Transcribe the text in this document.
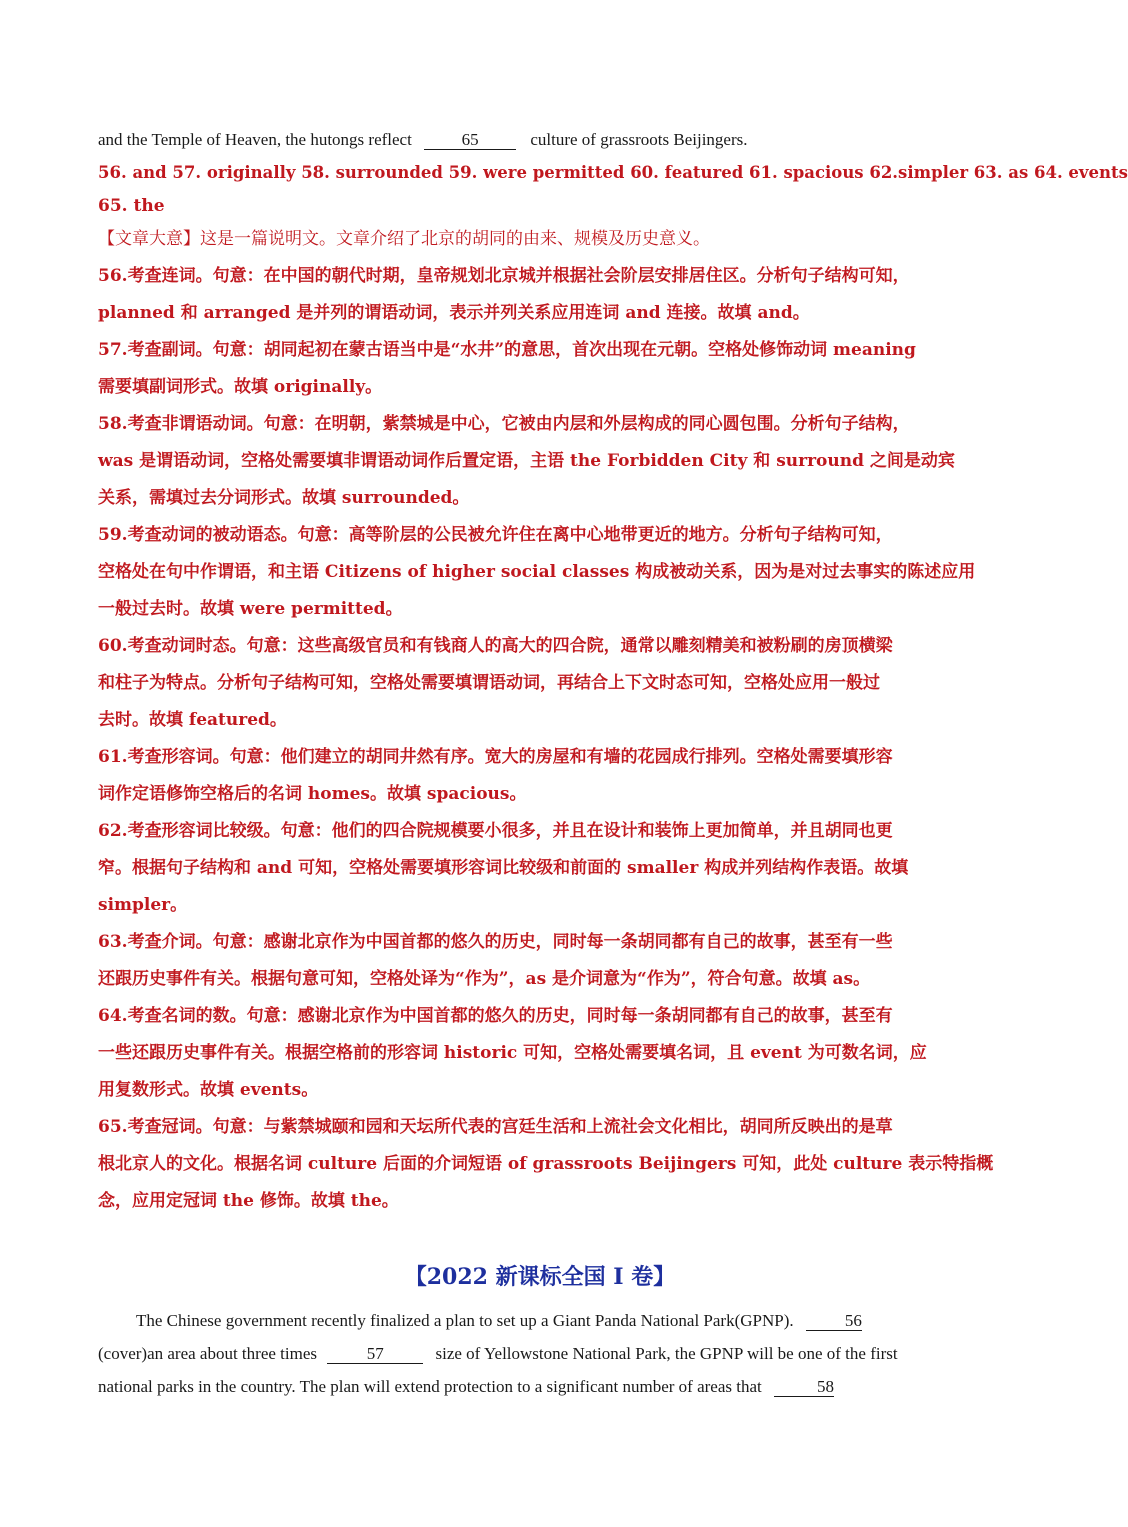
and the Temple of Heaven, the hutongs reflect	65	culture of grassroots Beijingers.

56. and 57. originally 58. surrounded 59. were permitted 60. featured 61. spacious 62.simpler 63. as 64. events

65. the

【文章大意】这是一篇说明文。文章介绍了北京的胡同的由来、规模及历史意义。

56.考查连词。句意：在中国的朝代时期，皇帝规划北京城并根据社会阶层安排居住区。分析句子结构可知，

planned 和 arranged 是并列的谓语动词，表示并列关系应用连词 and 连接。故填 and。

57.考查副词。句意：胡同起初在蒙古语当中是“水井”的意思，首次出现在元朝。空格处修饰动词 meaning

需要填副词形式。故填 originally。

58.考查非谓语动词。句意：在明朝，紫禁城是中心，它被由内层和外层构成的同心圆包围。分析句子结构，

was 是谓语动词，空格处需要填非谓语动词作后置定语，主语 the Forbidden City 和 surround 之间是动宾

关系，需填过去分词形式。故填 surrounded。

59.考查动词的被动语态。句意：高等阶层的公民被允许住在离中心地带更近的地方。分析句子结构可知，

空格处在句中作谓语，和主语 Citizens of higher social classes 构成被动关系，因为是对过去事实的陈述应用

一般过去时。故填 were permitted。

60.考查动词时态。句意：这些高级官员和有钱商人的高大的四合院，通常以雕刻精美和被粉刷的房顶横梁

和柱子为特点。分析句子结构可知，空格处需要填谓语动词，再结合上下文时态可知，空格处应用一般过

去时。故填 featured。

61.考查形容词。句意：他们建立的胡同井然有序。宽大的房屋和有墙的花园成行排列。空格处需要填形容

词作定语修饰空格后的名词 homes。故填 spacious。

62.考查形容词比较级。句意：他们的四合院规模要小很多，并且在设计和装饰上更加简单，并且胡同也更

窄。根据句子结构和 and 可知，空格处需要填形容词比较级和前面的 smaller 构成并列结构作表语。故填

simpler。

63.考查介词。句意：感谢北京作为中国首都的悠久的历史，同时每一条胡同都有自己的故事，甚至有一些

还跟历史事件有关。根据句意可知，空格处译为“作为”，as 是介词意为“作为”，符合句意。故填 as。

64.考查名词的数。句意：感谢北京作为中国首都的悠久的历史，同时每一条胡同都有自己的故事，甚至有

一些还跟历史事件有关。根据空格前的形容词 historic 可知，空格处需要填名词，且 event 为可数名词，应

用复数形式。故填 events。

65.考查冠词。句意：与紫禁城颐和园和天坛所代表的宫廷生活和上流社会文化相比，胡同所反映出的是草

根北京人的文化。根据名词 culture 后面的介词短语 of grassroots Beijingers 可知，此处 culture 表示特指概

念，应用定冠词 the 修饰。故填 the。

【2022 新课标全国 I 卷】

The Chinese government recently finalized a plan to set up a Giant Panda National Park(GPNP).	56

(cover)an area about three times	57	size of Yellowstone National Park, the GPNP will be one of the first

national parks in the country. The plan will extend protection to a significant number of areas that	58
